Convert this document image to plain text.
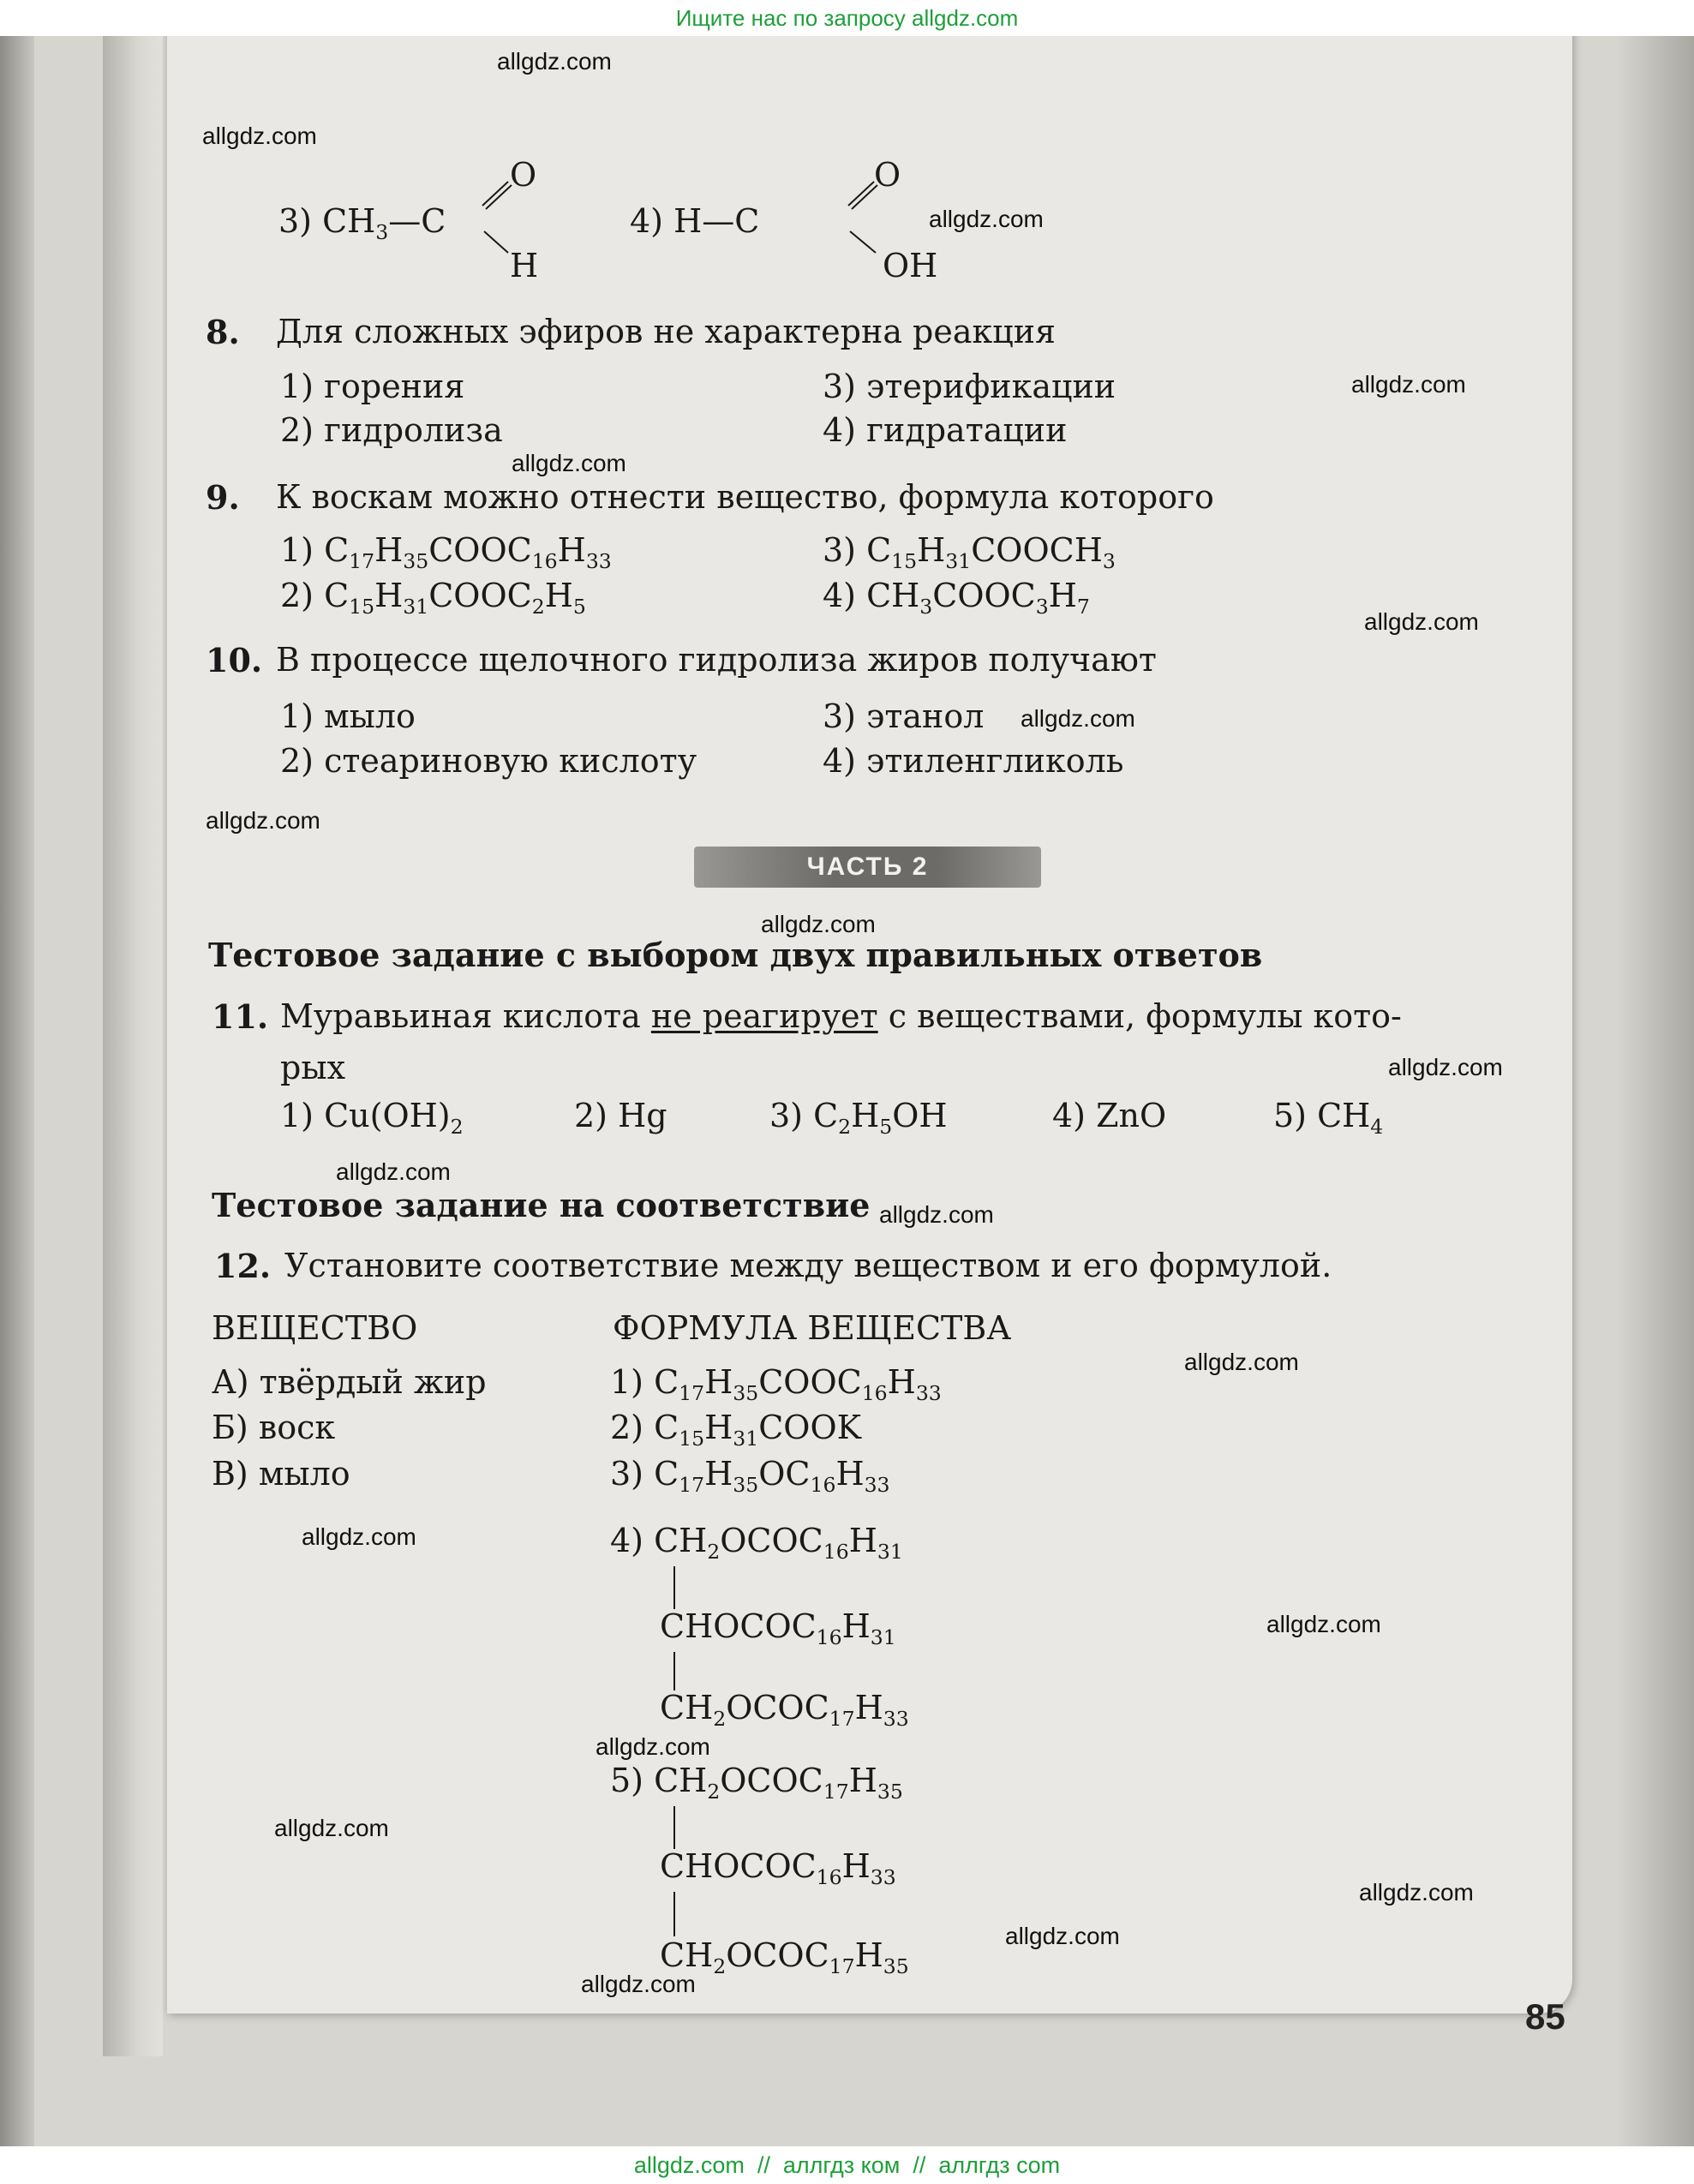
Ищите нас по запросу allgdz.com
allgdz.com
allgdz.com
allgdz.com
allgdz.com
allgdz.com
allgdz.com
allgdz.com
allgdz.com
allgdz.com
allgdz.com
allgdz.com
allgdz.com
allgdz.com
allgdz.com
allgdz.com
allgdz.com
allgdz.com
allgdz.com
allgdz.com
allgdz.com
3) $CH_3—C$
O
H
4) H—C
O
OH
8. Для сложных эфиров не характерна реакция
1) горения
2) гидролиза
3) этерификации
4) гидратации
9. К воскам можно отнести вещество, формула которого
1) $C_{17}H_{35}COOC_{16}H_{33}$
2) $C_{15}H_{31}COOC_2H_5$
3) $C_{15}H_{31}COOCH_3$
4) $CH_3COOC_3H_7$
10. В процессе щелочного гидролиза жиров получают
1) мыло
2) стеариновую кислоту
3) этанол
4) этиленгликоль
ЧАСТЬ 2
Тестовое задание с выбором двух правильных ответов
11. Муравьиная кислота не реагирует с веществами, формулы кото-
рых
1) $Cu(OH)_2$	2) Hg	3) $C_2H_5OH$	4) ZnO	5) $CH_4$
Тестовое задание на соответствие
12. Установите соответствие между веществом и его формулой.
ВЕЩЕСТВО	ФОРМУЛА ВЕЩЕСТВА
А) твёрдый жир
Б) воск
В) мыло
1) $C_{17}H_{35}COOC_{16}H_{33}$
2) $C_{15}H_{31}COOK$
3) $C_{17}H_{35}OC_{16}H_{33}$
4) $CH_2OCOC_{16}H_{31}$
$CHOCOC_{16}H_{31}$
$CH_2OCOC_{17}H_{33}$
5) $CH_2OCOC_{17}H_{35}$
$CHOCOC_{16}H_{33}$
$CH_2OCOC_{17}H_{35}$
85
allgdz.com  //  аллгдз ком  //  аллгдз com
